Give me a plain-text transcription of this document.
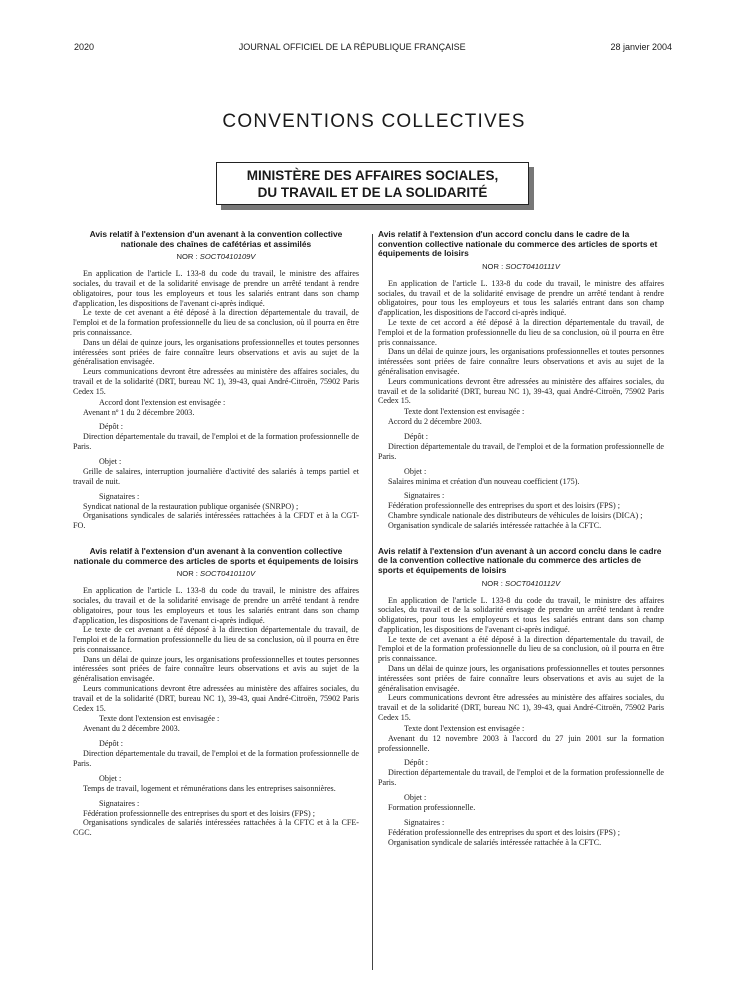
2020	JOURNAL OFFICIEL DE LA RÉPUBLIQUE FRANÇAISE	28 janvier 2004
CONVENTIONS COLLECTIVES
MINISTÈRE DES AFFAIRES SOCIALES,
DU TRAVAIL ET DE LA SOLIDARITÉ
Avis relatif à l'extension d'un avenant à la convention collective nationale des chaînes de cafétérias et assimilés
NOR : SOCT0410109V

En application de l'article L. 133-8 du code du travail, le ministre des affaires sociales, du travail et de la solidarité envisage de prendre un arrêté tendant à rendre obligatoires, pour tous les employeurs et tous les salariés entrant dans son champ d'application, les dispositions de l'avenant ci-après indiqué.

Le texte de cet avenant a été déposé à la direction départementale du travail, de l'emploi et de la formation professionnelle du lieu de sa conclusion, où il pourra en être pris connaissance.

Dans un délai de quinze jours, les organisations professionnelles et toutes personnes intéressées sont priées de faire connaître leurs observations et avis au sujet de la généralisation envisagée.

Leurs communications devront être adressées au ministère des affaires sociales, du travail et de la solidarité (DRT, bureau NC 1), 39-43, quai André-Citroën, 75902 Paris Cedex 15.

Accord dont l'extension est envisagée :

Avenant nº 1 du 2 décembre 2003.

Dépôt :

Direction départementale du travail, de l'emploi et de la formation professionnelle de Paris.

Objet :

Grille de salaires, interruption journalière d'activité des salariés à temps partiel et travail de nuit.

Signataires :

Syndicat national de la restauration publique organisée (SNRPO) ;

Organisations syndicales de salariés intéressées rattachées à la CFDT et à la CGT-FO.

Avis relatif à l'extension d'un avenant à la convention collective nationale du commerce des articles de sports et équipements de loisirs
NOR : SOCT0410110V

En application de l'article L. 133-8 du code du travail, le ministre des affaires sociales, du travail et de la solidarité envisage de prendre un arrêté tendant à rendre obligatoires, pour tous les employeurs et tous les salariés entrant dans son champ d'application, les dispositions de l'avenant ci-après indiqué.

Le texte de cet avenant a été déposé à la direction départementale du travail, de l'emploi et de la formation professionnelle du lieu de sa conclusion, où il pourra en être pris connaissance.

Dans un délai de quinze jours, les organisations professionnelles et toutes personnes intéressées sont priées de faire connaître leurs observations et avis au sujet de la généralisation envisagée.

Leurs communications devront être adressées au ministère des affaires sociales, du travail et de la solidarité (DRT, bureau NC 1), 39-43, quai André-Citroën, 75902 Paris Cedex 15.

Texte dont l'extension est envisagée :

Avenant du 2 décembre 2003.

Dépôt :

Direction départementale du travail, de l'emploi et de la formation professionnelle de Paris.

Objet :

Temps de travail, logement et rémunérations dans les entreprises saisonnières.

Signataires :

Fédération professionnelle des entreprises du sport et des loisirs (FPS) ;

Organisations syndicales de salariés intéressées rattachées à la CFTC et à la CFE-CGC.

Avis relatif à l'extension d'un accord conclu dans le cadre de la convention collective nationale du commerce des articles de sports et équipements de loisirs
NOR : SOCT0410111V

En application de l'article L. 133-8 du code du travail, le ministre des affaires sociales, du travail et de la solidarité envisage de prendre un arrêté tendant à rendre obligatoires, pour tous les employeurs et tous les salariés entrant dans son champ d'application, les dispositions de l'accord ci-après indiqué.

Le texte de cet accord a été déposé à la direction départementale du travail, de l'emploi et de la formation professionnelle du lieu de sa conclusion, où il pourra en être pris connaissance.

Dans un délai de quinze jours, les organisations professionnelles et toutes personnes intéressées sont priées de faire connaître leurs observations et avis au sujet de la généralisation envisagée.

Leurs communications devront être adressées au ministère des affaires sociales, du travail et de la solidarité (DRT, bureau NC 1), 39-43, quai André-Citroën, 75902 Paris Cedex 15.

Texte dont l'extension est envisagée :

Accord du 2 décembre 2003.

Dépôt :

Direction départementale du travail, de l'emploi et de la formation professionnelle de Paris.

Objet :

Salaires minima et création d'un nouveau coefficient (175).

Signataires :

Fédération professionnelle des entreprises du sport et des loisirs (FPS) ;

Chambre syndicale nationale des distributeurs de véhicules de loisirs (DICA) ;

Organisation syndicale de salariés intéressée rattachée à la CFTC.

Avis relatif à l'extension d'un avenant à un accord conclu dans le cadre de la convention collective nationale du commerce des articles de sports et équipements de loisirs
NOR : SOCT0410112V

En application de l'article L. 133-8 du code du travail, le ministre des affaires sociales, du travail et de la solidarité envisage de prendre un arrêté tendant à rendre obligatoires, pour tous les employeurs et tous les salariés entrant dans son champ d'application, les dispositions de l'avenant ci-après indiqué.

Le texte de cet avenant a été déposé à la direction départementale du travail, de l'emploi et de la formation professionnelle du lieu de sa conclusion, où il pourra en être pris connaissance.

Dans un délai de quinze jours, les organisations professionnelles et toutes personnes intéressées sont priées de faire connaître leurs observations et avis au sujet de la généralisation envisagée.

Leurs communications devront être adressées au ministère des affaires sociales, du travail et de la solidarité (DRT, bureau NC 1), 39-43, quai André-Citroën, 75902 Paris Cedex 15.

Texte dont l'extension est envisagée :

Avenant du 12 novembre 2003 à l'accord du 27 juin 2001 sur la formation professionnelle.

Dépôt :

Direction départementale du travail, de l'emploi et de la formation professionnelle de Paris.

Objet :

Formation professionnelle.

Signataires :

Fédération professionnelle des entreprises du sport et des loisirs (FPS) ;

Organisation syndicale de salariés intéressée rattachée à la CFTC.
